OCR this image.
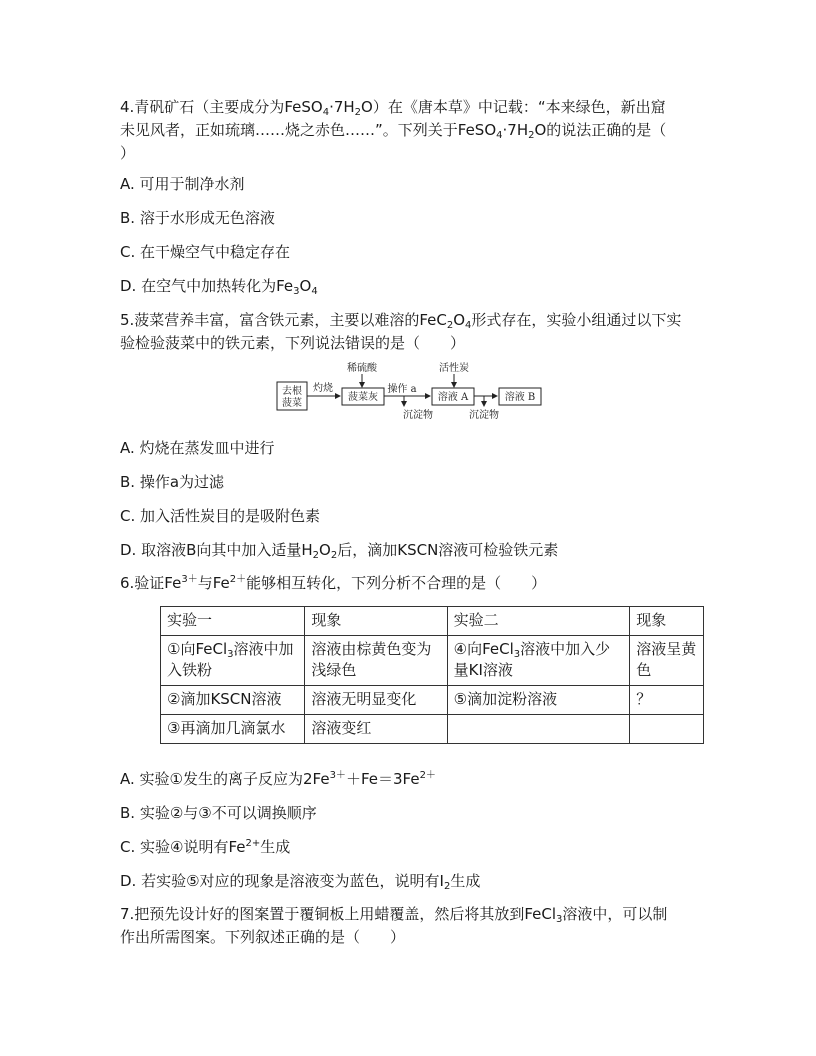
4.青矾矿石（主要成分为$FeSO_4\cdot 7H_2O$）在《唐本草》中记载：“本来绿色，新出窟
未见风者，正如琉璃……烧之赤色……”。下列关于$FeSO_4\cdot 7H_2O$的说法正确的是（
）
A. 可用于制净水剂
B. 溶于水形成无色溶液
C. 在干燥空气中稳定存在
D. 在空气中加热转化为$Fe_3O_4$
5.菠菜营养丰富，富含铁元素，主要以难溶的$FeC_2O_4$形式存在，实验小组通过以下实
验检验菠菜中的铁元素，下列说法错误的是（　　）
去根
菠菜
灼烧
稀硫酸
菠菜灰
操作 a
沉淀物
活性炭
溶液 A
沉淀物
溶液 B
A. 灼烧在蒸发皿中进行
B. 操作a为过滤
C. 加入活性炭目的是吸附色素
D. 取溶液B向其中加入适量$H_2O_2$后，滴加KSCN溶液可检验铁元素
6.验证$Fe^{3+}$与$Fe^{2+}$能够相互转化，下列分析不合理的是（　　）
实验一	现象	实验二	现象
①向FeCl$_3$溶液中加入铁粉	溶液由棕黄色变为浅绿色	④向FeCl$_3$溶液中加入少量KI溶液	溶液呈黄色
②滴加KSCN溶液	溶液无明显变化	⑤滴加淀粉溶液	？
③再滴加几滴氯水	溶液变红		
A. 实验①发生的离子反应为$2Fe^{3+}+Fe=3Fe^{2+}$
B. 实验②与③不可以调换顺序
C. 实验④说明有$Fe^{2+}$生成
D. 若实验⑤对应的现象是溶液变为蓝色，说明有$I_2$生成
7.把预先设计好的图案置于覆铜板上用蜡覆盖，然后将其放到FeCl$_3$溶液中，可以制
作出所需图案。下列叙述正确的是（　　）
